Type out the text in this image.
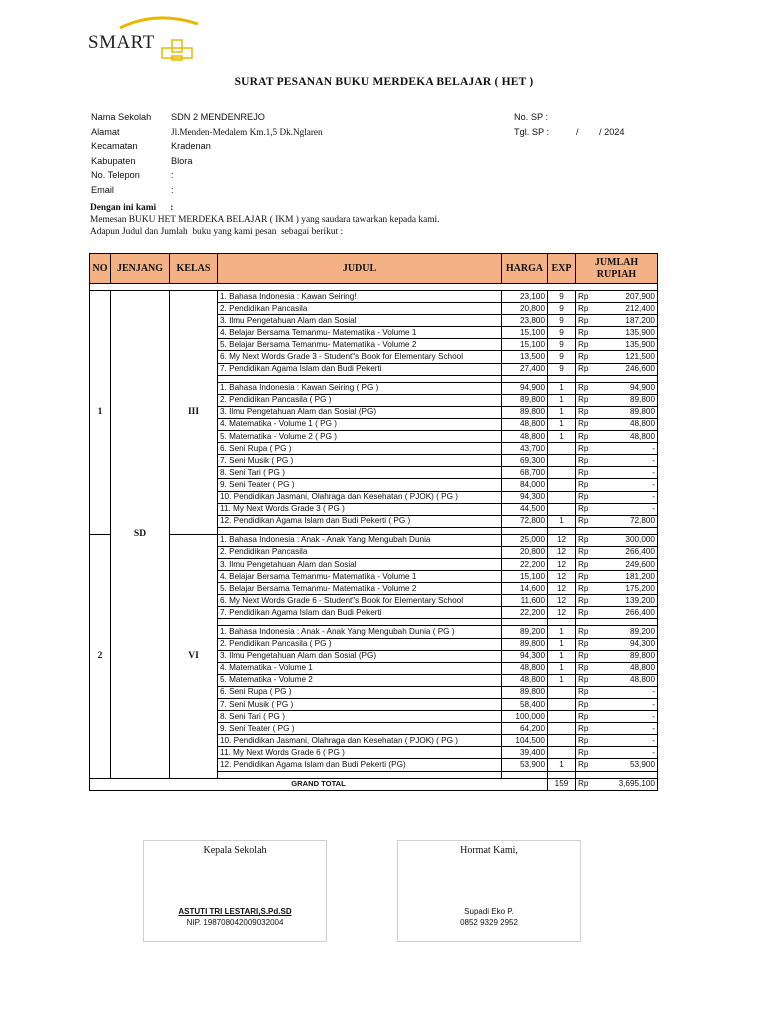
SMART
SURAT PESANAN BUKU MERDEKA BELAJAR ( HET )
Nama Sekolah	SDN 2 MENDENREJO
Alamat	Jl.Menden-Medalem Km.1,5 Dk.Nglaren
Kecamatan	Kradenan
Kabupaten	Blora
No. Telepon	:
Email	:
No. SP :
Tgl. SP :	/        / 2024
Dengan ini kami      :
Memesan BUKU HET MERDEKA BELAJAR ( IKM ) yang saudara tawarkan kepada kami.
Adapun Judul dan Jumlah  buku yang kami pesan  sebagai berikut :
NO	JENJANG	KELAS	JUDUL	HARGA	EXP	JUMLAH RUPIAH	

1	SD	III	1. Bahasa Indonesia : Kawan Seiring!	23,100	9	Rp	207,900
			2. Pendidikan Pancasila	20,800	9	Rp	212,400
			3. Ilmu Pengetahuan Alam dan Sosial	23,800	9	Rp	187,200
			4. Belajar Bersama Temanmu- Matematika - Volume 1	15,100	9	Rp	135,900
			5. Belajar Bersama Temanmu- Matematika - Volume 2	15,100	9	Rp	135,900
			6. My Next Words Grade 3 - Student"s Book for Elementary School	13,500	9	Rp	121,500
			7. Pendidikan Agama Islam dan Budi Pekerti	27,400	9	Rp	246,600

			1. Bahasa Indonesia : Kawan Seiring ( PG )	94,900	1	Rp	94,900
			2. Pendidikan Pancasila ( PG )	89,800	1	Rp	89,800
			3. Ilmu Pengetahuan Alam dan Sosial (PG)	89,800	1	Rp	89,800
			4. Matematika - Volume 1 ( PG )	48,800	1	Rp	48,800
			5. Matematika - Volume 2 ( PG )	48,800	1	Rp	48,800
			6. Seni Rupa ( PG )	43,700		Rp	-
			7. Seni Musik ( PG )	69,300		Rp	-
			8. Seni Tari ( PG )	68,700		Rp	-
			9. Seni Teater ( PG )	84,000		Rp	-
			10. Pendidikan Jasmani, Olahraga dan Kesehatan ( PJOK) ( PG )	94,300		Rp	-
			11. My Next Words Grade 3 ( PG )	44,500		Rp	-
			12. Pendidikan Agama Islam dan Budi Pekerti ( PG )	72,800	1	Rp	72,800

2		VI	1. Bahasa Indonesia : Anak - Anak Yang Mengubah Dunia	25,000	12	Rp	300,000
			2. Pendidikan Pancasila	20,800	12	Rp	266,400
			3. Ilmu Pengetahuan Alam dan Sosial	22,200	12	Rp	249,600
			4. Belajar Bersama Temanmu- Matematika - Volume 1	15,100	12	Rp	181,200
			5. Belajar Bersama Temanmu- Matematika - Volume 2	14,600	12	Rp	175,200
			6. My Next Words Grade 6 - Student"s Book for Elementary School	11,600	12	Rp	139,200
			7. Pendidikan Agama Islam dan Budi Pekerti	22,200	12	Rp	266,400

			1. Bahasa Indonesia : Anak - Anak Yang Mengubah Dunia ( PG )	89,200	1	Rp	89,200
			2. Pendidikan Pancasila ( PG )	89,800	1	Rp	94,300
			3. Ilmu Pengetahuan Alam dan Sosial (PG)	94,300	1	Rp	89,800
			4. Matematika - Volume 1	48,800	1	Rp	48,800
			5. Matematika - Volume 2	48,800	1	Rp	48,800
			6. Seni Rupa ( PG )	89,800		Rp	-
			7. Seni Musik ( PG )	58,400		Rp	-
			8. Seni Tari ( PG )	100,000		Rp	-
			9. Seni Teater ( PG )	64,200		Rp	-
			10. Pendidikan Jasmani, Olahraga dan Kesehatan ( PJOK) ( PG )	104,500		Rp	-
			11. My Next Words Grade 6 ( PG )	39,400		Rp	-
			12. Pendidikan Agama Islam dan Budi Pekerti (PG)	53,900	1	Rp	53,900

GRAND TOTAL					159	Rp	3,695,100
Kepala Sekolah
ASTUTI TRI LESTARI,S.Pd.SD
NIP. 198708042009032004
Hormat Kami,
Supadi Eko P.
0852 9329 2952
